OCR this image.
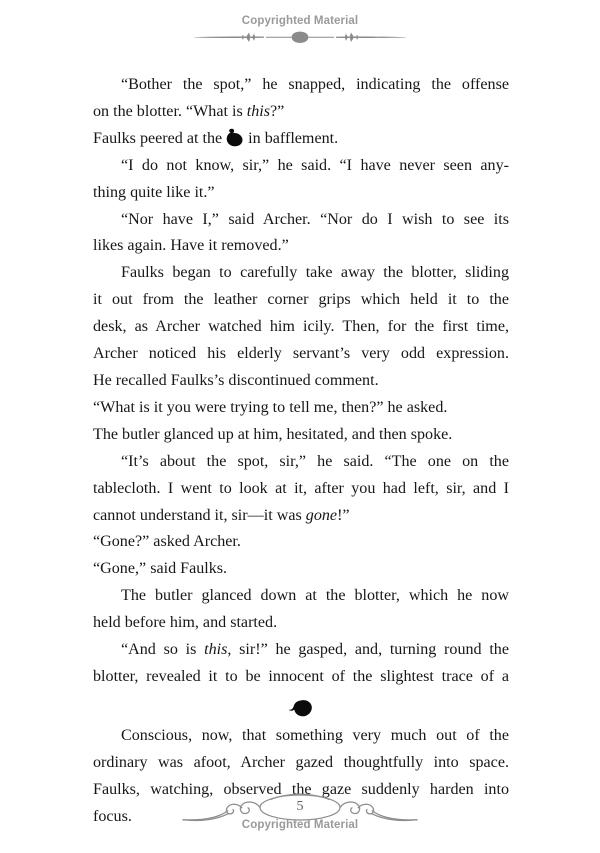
Copyrighted Material

“Bother the spot,” he snapped, indicating the offense
on the blotter. “What is this?”

Faulks peered at the in bafflement.

“I do not know, sir,” he said. “I have never seen any-
thing quite like it.”

“Nor have I,” said Archer. “Nor do I wish to see its
likes again. Have it removed.”

Faulks began to carefully take away the blotter, sliding
it out from the leather corner grips which held it to the
desk, as Archer watched him icily. Then, for the first time,
Archer noticed his elderly servant’s very odd expression.
He recalled Faulks’s discontinued comment.

“What is it you were trying to tell me, then?” he asked.

The butler glanced up at him, hesitated, and then spoke.

“It’s about the spot, sir,” he said. “The one on the
tablecloth. I went to look at it, after you had left, sir, and I
cannot understand it, sir—it was gone!”

“Gone?” asked Archer.

“Gone,” said Faulks.

The butler glanced down at the blotter, which he now
held before him, and started.

“And so is this, sir!” he gasped, and, turning round the
blotter, revealed it to be innocent of the slightest trace of a

Conscious, now, that something very much out of the
ordinary was afoot, Archer gazed thoughtfully into space.
Faulks, watching, observed the gaze suddenly harden into
focus.

5
Copyrighted Material
